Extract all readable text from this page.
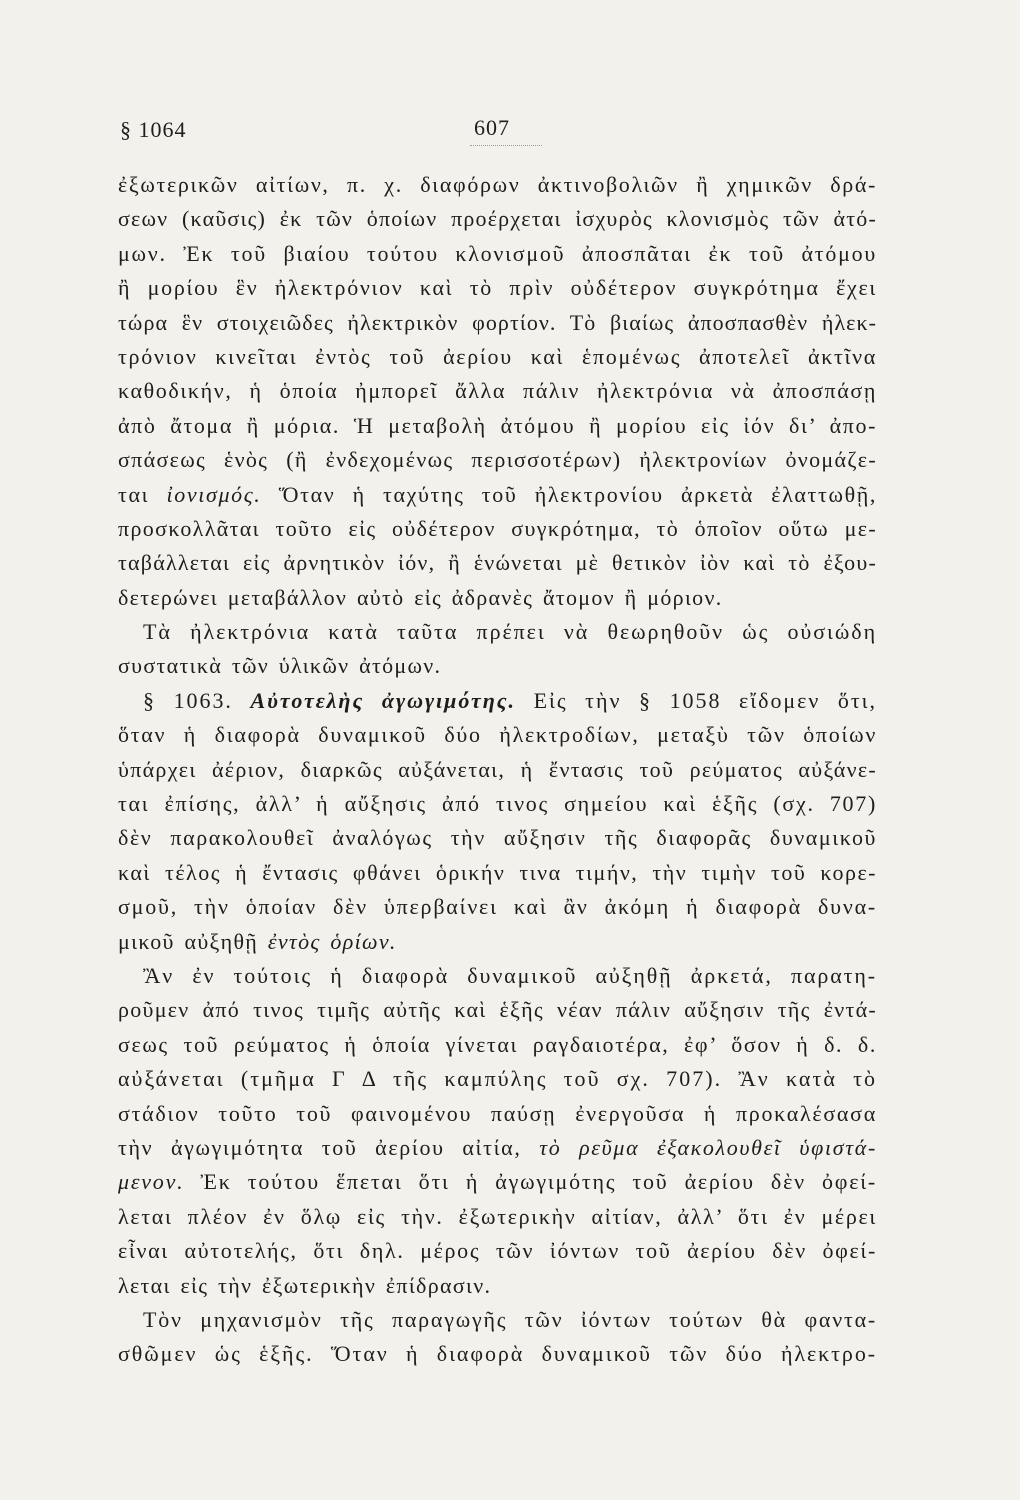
§ 1064	607
ἐξωτερικῶν αἰτίων, π. χ. διαφόρων ἀκτινοβολιῶν ἢ χημικῶν δρά-
σεων (καῦσις) ἐκ τῶν ὁποίων προέρχεται ἰσχυρὸς κλονισμὸς τῶν ἀτό-
μων. Ἐκ τοῦ βιαίου τούτου κλονισμοῦ ἀποσπᾶται ἐκ τοῦ ἀτόμου
ἢ μορίου ἓν ἠλεκτρόνιον καὶ τὸ πρὶν οὐδέτερον συγκρότημα ἔχει
τώρα ἓν στοιχειῶδες ἠλεκτρικὸν φορτίον. Τὸ βιαίως ἀποσπασθὲν ἠλεκ-
τρόνιον κινεῖται ἐντὸς τοῦ ἀερίου καὶ ἑπομένως ἀποτελεῖ ἀκτῖνα
καθοδικήν, ἡ ὁποία ἠμπορεῖ ἄλλα πάλιν ἠλεκτρόνια νὰ ἀποσπάσῃ
ἀπὸ ἄτομα ἢ μόρια. Ἡ μεταβολὴ ἀτόμου ἢ μορίου εἰς ἰόν δι’ ἀπο-
σπάσεως ἑνὸς (ἢ ἐνδεχομένως περισσοτέρων) ἠλεκτρονίων ὀνομάζε-
ται ἰονισμός. Ὅταν ἡ ταχύτης τοῦ ἠλεκτρονίου ἀρκετὰ ἐλαττωθῇ,
προσκολλᾶται τοῦτο εἰς οὐδέτερον συγκρότημα, τὸ ὁποῖον οὕτω με-
ταβάλλεται εἰς ἀρνητικὸν ἰόν, ἢ ἑνώνεται μὲ θετικὸν ἰὸν καὶ τὸ ἐξου-
δετερώνει μεταβάλλον αὐτὸ εἰς ἀδρανὲς ἄτομον ἢ μόριον.
Τὰ ἠλεκτρόνια κατὰ ταῦτα πρέπει νὰ θεωρηθοῦν ὡς οὐσιώδη
συστατικὰ τῶν ὑλικῶν ἀτόμων.
§ 1063. Αὐτοτελὴς ἀγωγιμότης. Εἰς τὴν § 1058 εἴδομεν ὅτι,
ὅταν ἡ διαφορὰ δυναμικοῦ δύο ἠλεκτροδίων, μεταξὺ τῶν ὁποίων
ὑπάρχει ἀέριον, διαρκῶς αὐξάνεται, ἡ ἔντασις τοῦ ρεύματος αὐξάνε-
ται ἐπίσης, ἀλλ’ ἡ αὔξησις ἀπό τινος σημείου καὶ ἑξῆς (σχ. 707)
δὲν παρακολουθεῖ ἀναλόγως τὴν αὔξησιν τῆς διαφορᾶς δυναμικοῦ
καὶ τέλος ἡ ἔντασις φθάνει ὁρικήν τινα τιμήν, τὴν τιμὴν τοῦ κορε-
σμοῦ, τὴν ὁποίαν δὲν ὑπερβαίνει καὶ ἂν ἀκόμη ἡ διαφορὰ δυνα-
μικοῦ αὐξηθῇ ἐντὸς ὁρίων.
Ἂν ἐν τούτοις ἡ διαφορὰ δυναμικοῦ αὐξηθῇ ἀρκετά, παρατη-
ροῦμεν ἀπό τινος τιμῆς αὐτῆς καὶ ἑξῆς νέαν πάλιν αὔξησιν τῆς ἐντά-
σεως τοῦ ρεύματος ἡ ὁποία γίνεται ραγδαιοτέρα, ἐφ’ ὅσον ἡ δ. δ.
αὐξάνεται (τμῆμα Γ Δ τῆς καμπύλης τοῦ σχ. 707). Ἂν κατὰ τὸ
στάδιον τοῦτο τοῦ φαινομένου παύσῃ ἐνεργοῦσα ἡ προκαλέσασα
τὴν ἀγωγιμότητα τοῦ ἀερίου αἰτία, τὸ ρεῦμα ἐξακολουθεῖ ὑφιστά-
μενον. Ἐκ τούτου ἕπεται ὅτι ἡ ἀγωγιμότης τοῦ ἀερίου δὲν ὀφεί-
λεται πλέον ἐν ὅλῳ εἰς τὴν. ἐξωτερικὴν αἰτίαν, ἀλλ’ ὅτι ἐν μέρει
εἶναι αὐτοτελής, ὅτι δηλ. μέρος τῶν ἰόντων τοῦ ἀερίου δὲν ὀφεί-
λεται εἰς τὴν ἐξωτερικὴν ἐπίδρασιν.
Τὸν μηχανισμὸν τῆς παραγωγῆς τῶν ἰόντων τούτων θὰ φαντα-
σθῶμεν ὡς ἑξῆς. Ὅταν ἡ διαφορὰ δυναμικοῦ τῶν δύο ἠλεκτρο-
